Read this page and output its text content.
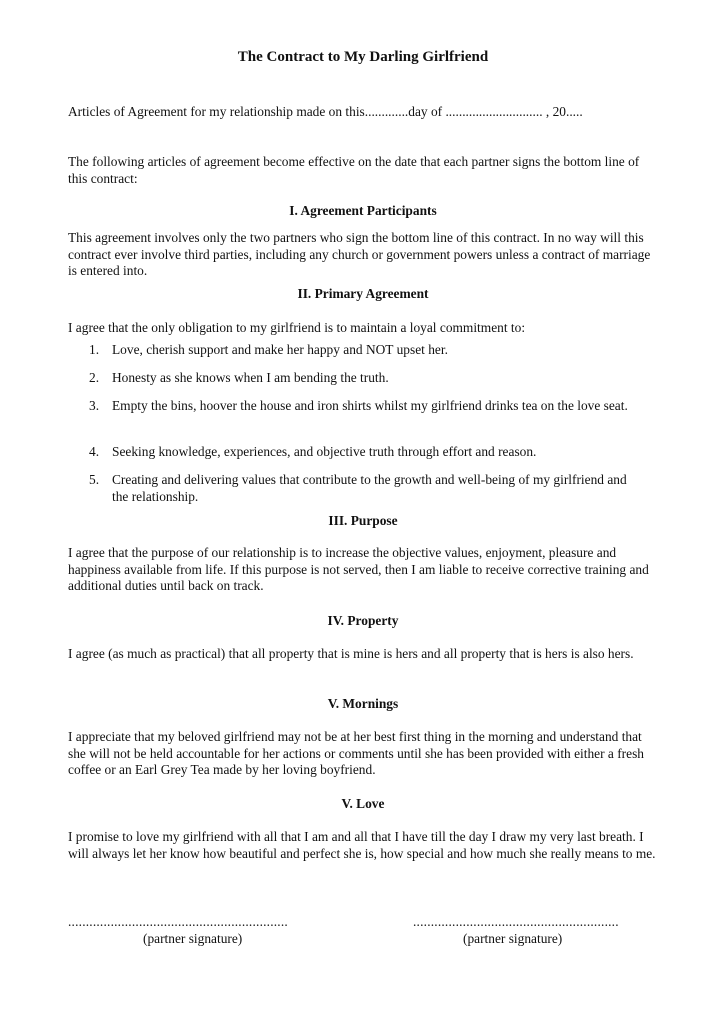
The Contract to My Darling Girlfriend
Articles of Agreement for my relationship made on this.............day of ............................. , 20.....
The following articles of agreement become effective on the date that each partner signs the bottom line of this contract:
I. Agreement Participants
This agreement involves only the two partners who sign the bottom line of this contract. In no way will this contract ever involve third parties, including any church or government powers unless a contract of marriage is entered into.
II. Primary Agreement
I agree that the only obligation to my girlfriend is to maintain a loyal commitment to:
1. Love, cherish support and make her happy and NOT upset her.
2. Honesty as she knows when I am bending the truth.
3. Empty the bins, hoover the house and iron shirts whilst my girlfriend drinks tea on the love seat.
4. Seeking knowledge, experiences, and objective truth through effort and reason.
5. Creating and delivering values that contribute to the growth and well-being of my girlfriend and the relationship.
III. Purpose
I agree that the purpose of our relationship is to increase the objective values, enjoyment, pleasure and happiness available from life. If this purpose is not served, then I am liable to receive corrective training and additional duties until back on track.
IV. Property
I agree (as much as practical) that all property that is mine is hers and all property that is hers is also hers.
V. Mornings
I appreciate that my beloved girlfriend may not be at her best first thing in the morning and understand that she will not be held accountable for her actions or comments until she has been provided with either a fresh coffee or an Earl Grey Tea made by her loving boyfriend.
V. Love
I promise to love my girlfriend with all that I am and all that I have till the day I draw my very last breath. I will always let her know how beautiful and perfect she is, how special and how much she really means to me.
..............................................................	..........................................................
(partner signature)	(partner signature)
